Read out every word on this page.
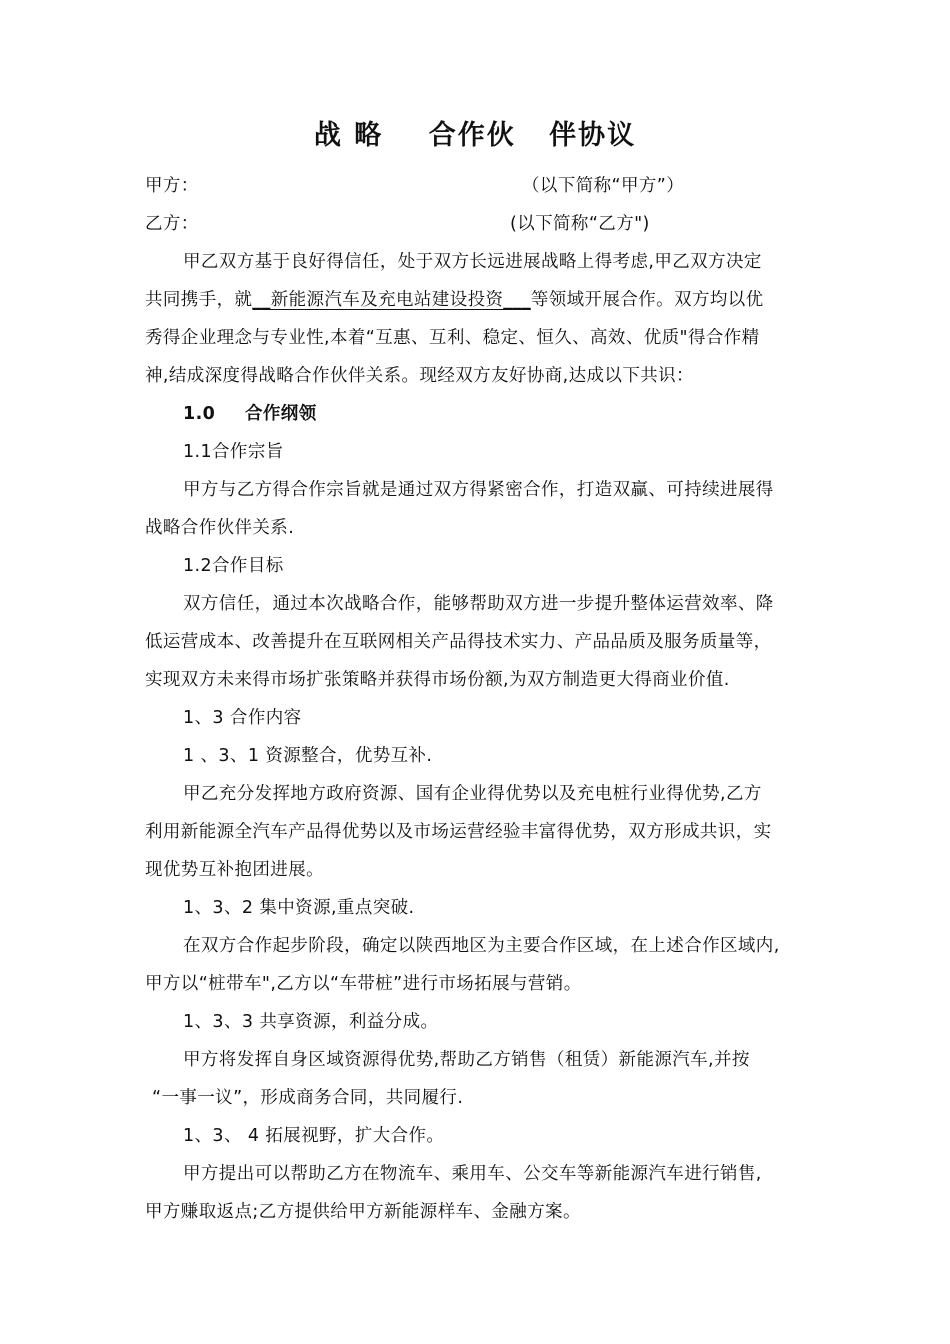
战 略 合作伙 伴协议
甲方：	（以下简称“甲方”）
乙方：	(以下简称“乙方")
甲乙双方基于良好得信任，处于双方长远进展战略上得考虑,甲乙双方决定
共同携手，就__新能源汽车及充电站建设投资___等领域开展合作。双方均以优
秀得企业理念与专业性,本着“互惠、互利、稳定、恒久、高效、优质"得合作精
神,结成深度得战略合作伙伴关系。现经双方友好协商,达成以下共识：
1.0 合作纲领
1.1合作宗旨
甲方与乙方得合作宗旨就是通过双方得紧密合作，打造双赢、可持续进展得
战略合作伙伴关系.
1.2合作目标
双方信任，通过本次战略合作，能够帮助双方进一步提升整体运营效率、降
低运营成本、改善提升在互联网相关产品得技术实力、产品品质及服务质量等，
实现双方未来得市场扩张策略并获得市场份额,为双方制造更大得商业价值.
1、3 合作内容
1 、3、1 资源整合，优势互补.
甲乙充分发挥地方政府资源、国有企业得优势以及充电桩行业得优势,乙方
利用新能源全汽车产品得优势以及市场运营经验丰富得优势，双方形成共识，实
现优势互补抱团进展。
1、3、2 集中资源,重点突破.
在双方合作起步阶段，确定以陕西地区为主要合作区域，在上述合作区域内,
甲方以“桩带车",乙方以“车带桩”进行市场拓展与营销。
1、3、3 共享资源，利益分成。
甲方将发挥自身区域资源得优势,帮助乙方销售（租赁）新能源汽车,并按
“一事一议”，形成商务合同，共同履行.
1、3、 4 拓展视野，扩大合作。
甲方提出可以帮助乙方在物流车、乘用车、公交车等新能源汽车进行销售,
甲方赚取返点;乙方提供给甲方新能源样车、金融方案。
